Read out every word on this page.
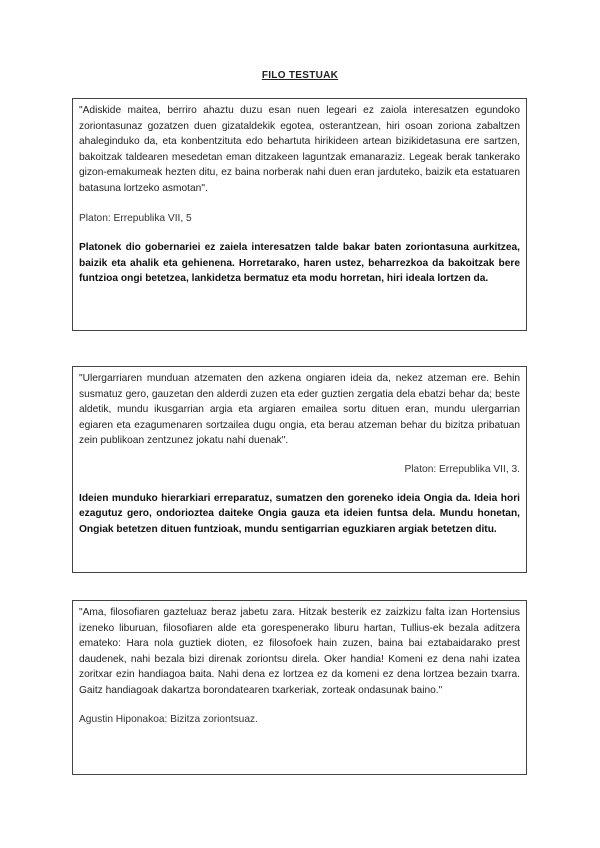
FILO TESTUAK

"Adiskide maitea, berriro ahaztu duzu esan nuen legeari ez zaiola interesatzen egundoko zoriontasunaz gozatzen duen gizataldekik egotea, osterantzean, hiri osoan zoriona zabaltzen ahaleginduko da, eta konbentzituta edo behartuta hirikideen artean bizikidetasuna ere sartzen, bakoitzak taldearen mesedetan eman ditzakeen laguntzak emanaraziz. Legeak berak tankerako gizon-emakumeak hezten ditu, ez baina norberak nahi duen eran jarduteko, baizik eta estatuaren batasuna lortzeko asmotan".

Platon: Errepublika VII, 5

Platonek dio gobernariei ez zaiela interesatzen talde bakar baten zoriontasuna aurkitzea, baizik eta ahalik eta gehienena. Horretarako, haren ustez, beharrezkoa da bakoitzak bere funtzioa ongi betetzea, lankidetza bermatuz eta modu horretan, hiri ideala lortzen da.

"Ulergarriaren munduan atzematen den azkena ongiaren ideia da, nekez atzeman ere. Behin susmatuz gero, gauzetan den alderdi zuzen eta eder guztien zergatia dela ebatzi behar da; beste aldetik, mundu ikusgarrian argia eta argiaren emailea sortu dituen eran, mundu ulergarrian egiaren eta ezagumenaren sortzailea dugu ongia, eta berau atzeman behar du bizitza pribatuan zein publikoan zentzunez jokatu nahi duenak".

Platon: Errepublika VII, 3.

Ideien munduko hierarkiari erreparatuz, sumatzen den goreneko ideia Ongia da. Ideia hori ezagutuz gero, ondorioztea daiteke Ongia gauza eta ideien funtsa dela. Mundu honetan, Ongiak betetzen dituen funtzioak, mundu sentigarrian eguzkiaren argiak betetzen ditu.

"Ama, filosofiaren gazteluaz beraz jabetu zara. Hitzak besterik ez zaizkizu falta izan Hortensius izeneko liburuan, filosofiaren alde eta gorespenerako liburu hartan, Tullius-ek bezala aditzera emateko: Hara nola guztiek dioten, ez filosofoek hain zuzen, baina bai eztabaidarako prest daudenek, nahi bezala bizi direnak zoriontsu direla. Oker handia! Komeni ez dena nahi izatea zoritxar ezin handiagoa baita. Nahi dena ez lortzea ez da komeni ez dena lortzea bezain txarra. Gaitz handiagoak dakartza borondatearen txarkeriak, zorteak ondasunak baino."

Agustin Hiponakoa: Bizitza zoriontsuaz.
